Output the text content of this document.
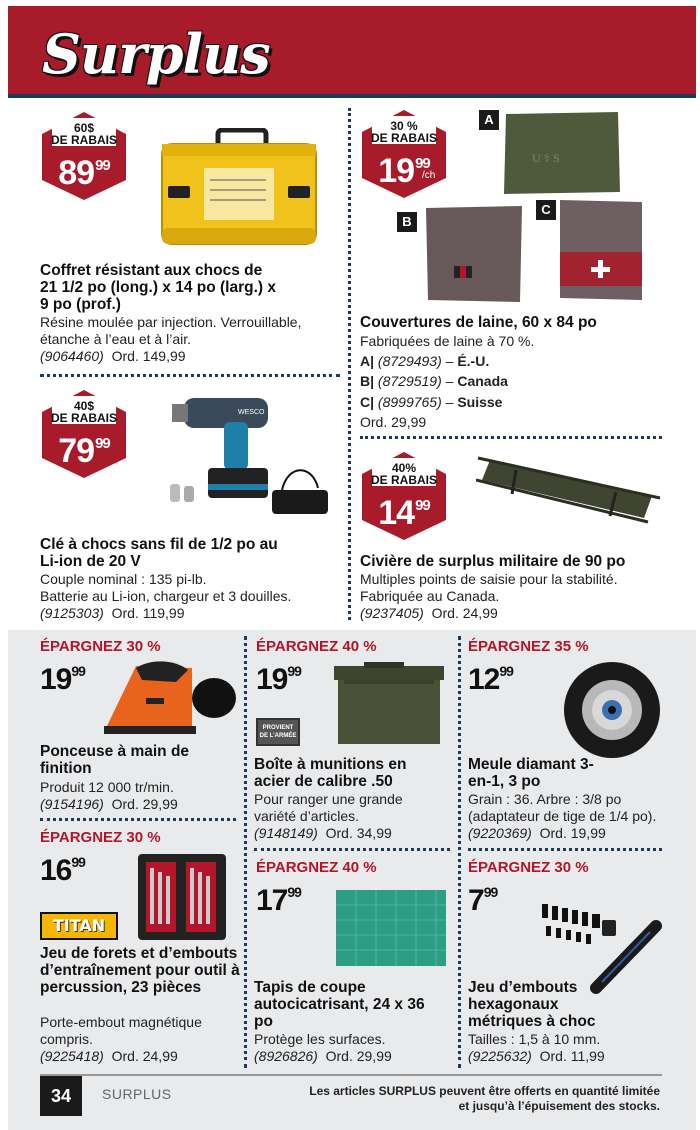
Surplus
60$
DE RABAIS
$89^{99}$
Coffret résistant aux chocs de 21 1/2 po (long.) x 14 po (larg.) x 9 po (prof.)
Résine moulée par injection. Verrouillable, étanche à l’eau et à l’air.
(9064460) Ord. 149,99
40$
DE RABAIS
$79^{99}$
WESCO
Clé à chocs sans fil de 1/2 po au Li-ion de 20 V
Couple nominal : 135 pi-lb.
Batterie au Li-ion, chargeur et 3 douilles.
(9125303) Ord. 119,99
30 %
DE RABAIS
$19^{99}$
/ch
A
U ⚕ S
B
C
Couvertures de laine, 60 x 84 po
Fabriquées de laine à 70 %.
A| (8729493) – É.-U.
B| (8729519) – Canada
C| (8999765) – Suisse
Ord. 29,99
40%
DE RABAIS
$14^{99}$
Civière de surplus militaire de 90 po
Multiples points de saisie pour la stabilité. Fabriquée au Canada.
(9237405) Ord. 24,99
ÉPARGNEZ 30 %
$19^{99}$
Ponceuse à main de finition
Produit 12 000 tr/min.
(9154196) Ord. 29,99
ÉPARGNEZ 30 %
$16^{99}$
TITAN
Jeu de forets et d’embouts d’entraînement pour outil à percussion, 23 pièces
Porte-embout magnétique compris.
(9225418) Ord. 24,99
ÉPARGNEZ 40 %
$19^{99}$
PROVIENT DE L’ARMÉE
Boîte à munitions en acier de calibre .50
Pour ranger une grande variété d’articles.
(9148149) Ord. 34,99
ÉPARGNEZ 40 %
$17^{99}$
Tapis de coupe autocicatrisant, 24 x 36 po
Protège les surfaces.
(8926826) Ord. 29,99
ÉPARGNEZ 35 %
$12^{99}$
Meule diamant 3-en-1, 3 po
Grain : 36. Arbre : 3/8 po (adaptateur de tige de 1/4 po).
(9220369) Ord. 19,99
ÉPARGNEZ 30 %
$7^{99}$
Jeu d’embouts hexagonaux métriques à choc
Tailles : 1,5 à 10 mm.
(9225632) Ord. 11,99
34	SURPLUS	Les articles SURPLUS peuvent être offerts en quantité limitée
et jusqu’à l’épuisement des stocks.
